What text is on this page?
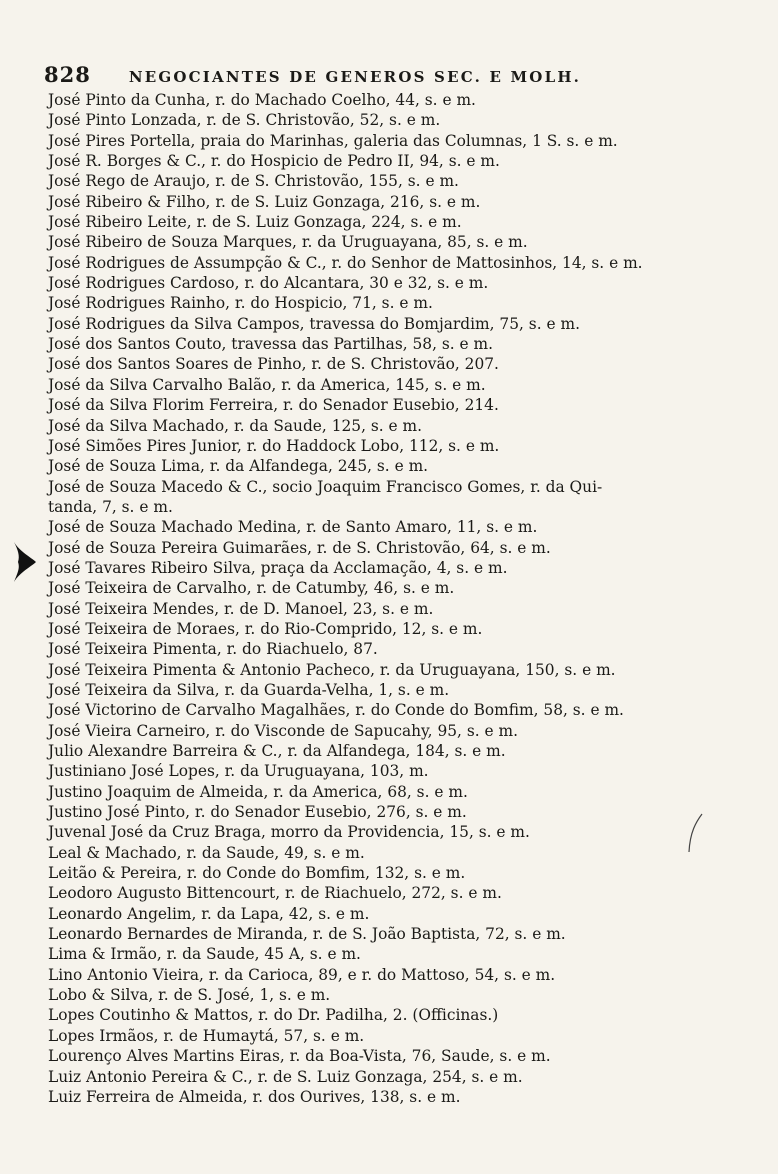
828	NEGOCIANTES DE GENEROS SEC. E MOLH.
José Pinto da Cunha, r. do Machado Coelho, 44, s. e m.
José Pinto Lonzada, r. de S. Christovão, 52, s. e m.
José Pires Portella, praia do Marinhas, galeria das Columnas, 1 S. s. e m.
José R. Borges & C., r. do Hospicio de Pedro II, 94, s. e m.
José Rego de Araujo, r. de S. Christovão, 155, s. e m.
José Ribeiro & Filho, r. de S. Luiz Gonzaga, 216, s. e m.
José Ribeiro Leite, r. de S. Luiz Gonzaga, 224, s. e m.
José Ribeiro de Souza Marques, r. da Uruguayana, 85, s. e m.
José Rodrigues de Assumpção & C., r. do Senhor de Mattosinhos, 14, s. e m.
José Rodrigues Cardoso, r. do Alcantara, 30 e 32, s. e m.
José Rodrigues Rainho, r. do Hospicio, 71, s. e m.
José Rodrigues da Silva Campos, travessa do Bomjardim, 75, s. e m.
José dos Santos Couto, travessa das Partilhas, 58, s. e m.
José dos Santos Soares de Pinho, r. de S. Christovão, 207.
José da Silva Carvalho Balão, r. da America, 145, s. e m.
José da Silva Florim Ferreira, r. do Senador Eusebio, 214.
José da Silva Machado, r. da Saude, 125, s. e m.
José Simões Pires Junior, r. do Haddock Lobo, 112, s. e m.
José de Souza Lima, r. da Alfandega, 245, s. e m.
José de Souza Macedo & C., socio Joaquim Francisco Gomes, r. da Qui-
tanda, 7, s. e m.
José de Souza Machado Medina, r. de Santo Amaro, 11, s. e m.
José de Souza Pereira Guimarães, r. de S. Christovão, 64, s. e m.
José Tavares Ribeiro Silva, praça da Acclamação, 4, s. e m.
José Teixeira de Carvalho, r. de Catumby, 46, s. e m.
José Teixeira Mendes, r. de D. Manoel, 23, s. e m.
José Teixeira de Moraes, r. do Rio-Comprido, 12, s. e m.
José Teixeira Pimenta, r. do Riachuelo, 87.
José Teixeira Pimenta & Antonio Pacheco, r. da Uruguayana, 150, s. e m.
José Teixeira da Silva, r. da Guarda-Velha, 1, s. e m.
José Victorino de Carvalho Magalhães, r. do Conde do Bomfim, 58, s. e m.
José Vieira Carneiro, r. do Visconde de Sapucahy, 95, s. e m.
Julio Alexandre Barreira & C., r. da Alfandega, 184, s. e m.
Justiniano José Lopes, r. da Uruguayana, 103, m.
Justino Joaquim de Almeida, r. da America, 68, s. e m.
Justino José Pinto, r. do Senador Eusebio, 276, s. e m.
Juvenal José da Cruz Braga, morro da Providencia, 15, s. e m.
Leal & Machado, r. da Saude, 49, s. e m.
Leitão & Pereira, r. do Conde do Bomfim, 132, s. e m.
Leodoro Augusto Bittencourt, r. de Riachuelo, 272, s. e m.
Leonardo Angelim, r. da Lapa, 42, s. e m.
Leonardo Bernardes de Miranda, r. de S. João Baptista, 72, s. e m.
Lima & Irmão, r. da Saude, 45 A, s. e m.
Lino Antonio Vieira, r. da Carioca, 89, e r. do Mattoso, 54, s. e m.
Lobo & Silva, r. de S. José, 1, s. e m.
Lopes Coutinho & Mattos, r. do Dr. Padilha, 2. (Officinas.)
Lopes Irmãos, r. de Humaytá, 57, s. e m.
Lourenço Alves Martins Eiras, r. da Boa-Vista, 76, Saude, s. e m.
Luiz Antonio Pereira & C., r. de S. Luiz Gonzaga, 254, s. e m.
Luiz Ferreira de Almeida, r. dos Ourives, 138, s. e m.
